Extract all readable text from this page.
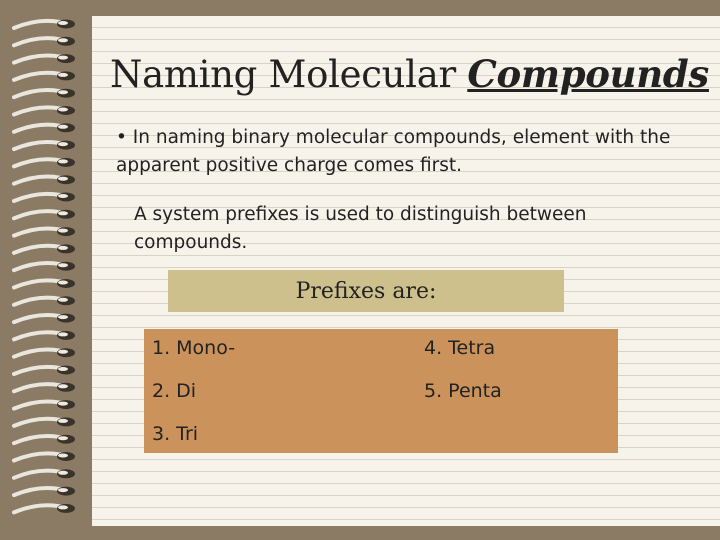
Naming Molecular Compounds
• In naming binary molecular compounds, element with the apparent positive charge comes first.
A system prefixes is used to distinguish between compounds.
Prefixes are:
1. Mono-
2. Di
3. Tri
4. Tetra
5. Penta
